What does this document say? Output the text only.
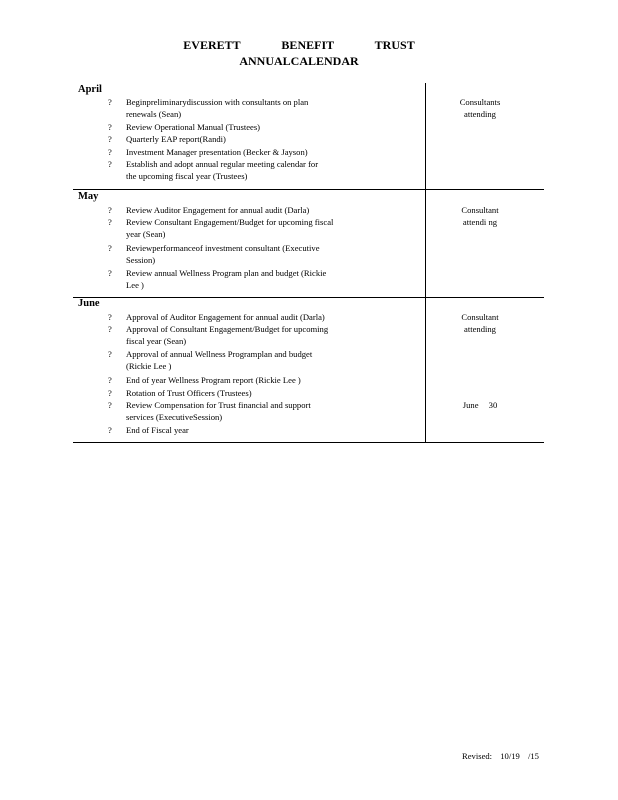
EVERETT BENEFIT TRUST
ANNUALCALENDAR
April
Consultants
attending
? Beginpreliminarydiscussion with consultants on plan
renewals (Sean)
? Review Operational Manual (Trustees)
? Quarterly EAP report(Randi)
? Investment Manager presentation (Becker & Jayson)
? Establish and adopt annual regular meeting calendar for
the upcoming fiscal year (Trustees)
May
Consultant
attendi ng
? Review Auditor Engagement for annual audit (Darla)
? Review Consultant Engagement/Budget for upcoming fiscal
year (Sean)
? Reviewperformanceof investment consultant (Executive
Session)
? Review annual Wellness Program plan and budget (Rickie
Lee )
June
Consultant
attending
June 30
? Approval of Auditor Engagement for annual audit (Darla)
? Approval of Consultant Engagement/Budget for upcoming
fiscal year (Sean)
? Approval of annual Wellness Programplan and budget
(Rickie Lee )
? End of year Wellness Program report (Rickie Lee )
? Rotation of Trust Officers (Trustees)
? Review Compensation for Trust financial and support
services (ExecutiveSession)
? End of Fiscal year
Revised: 10/19 /15
